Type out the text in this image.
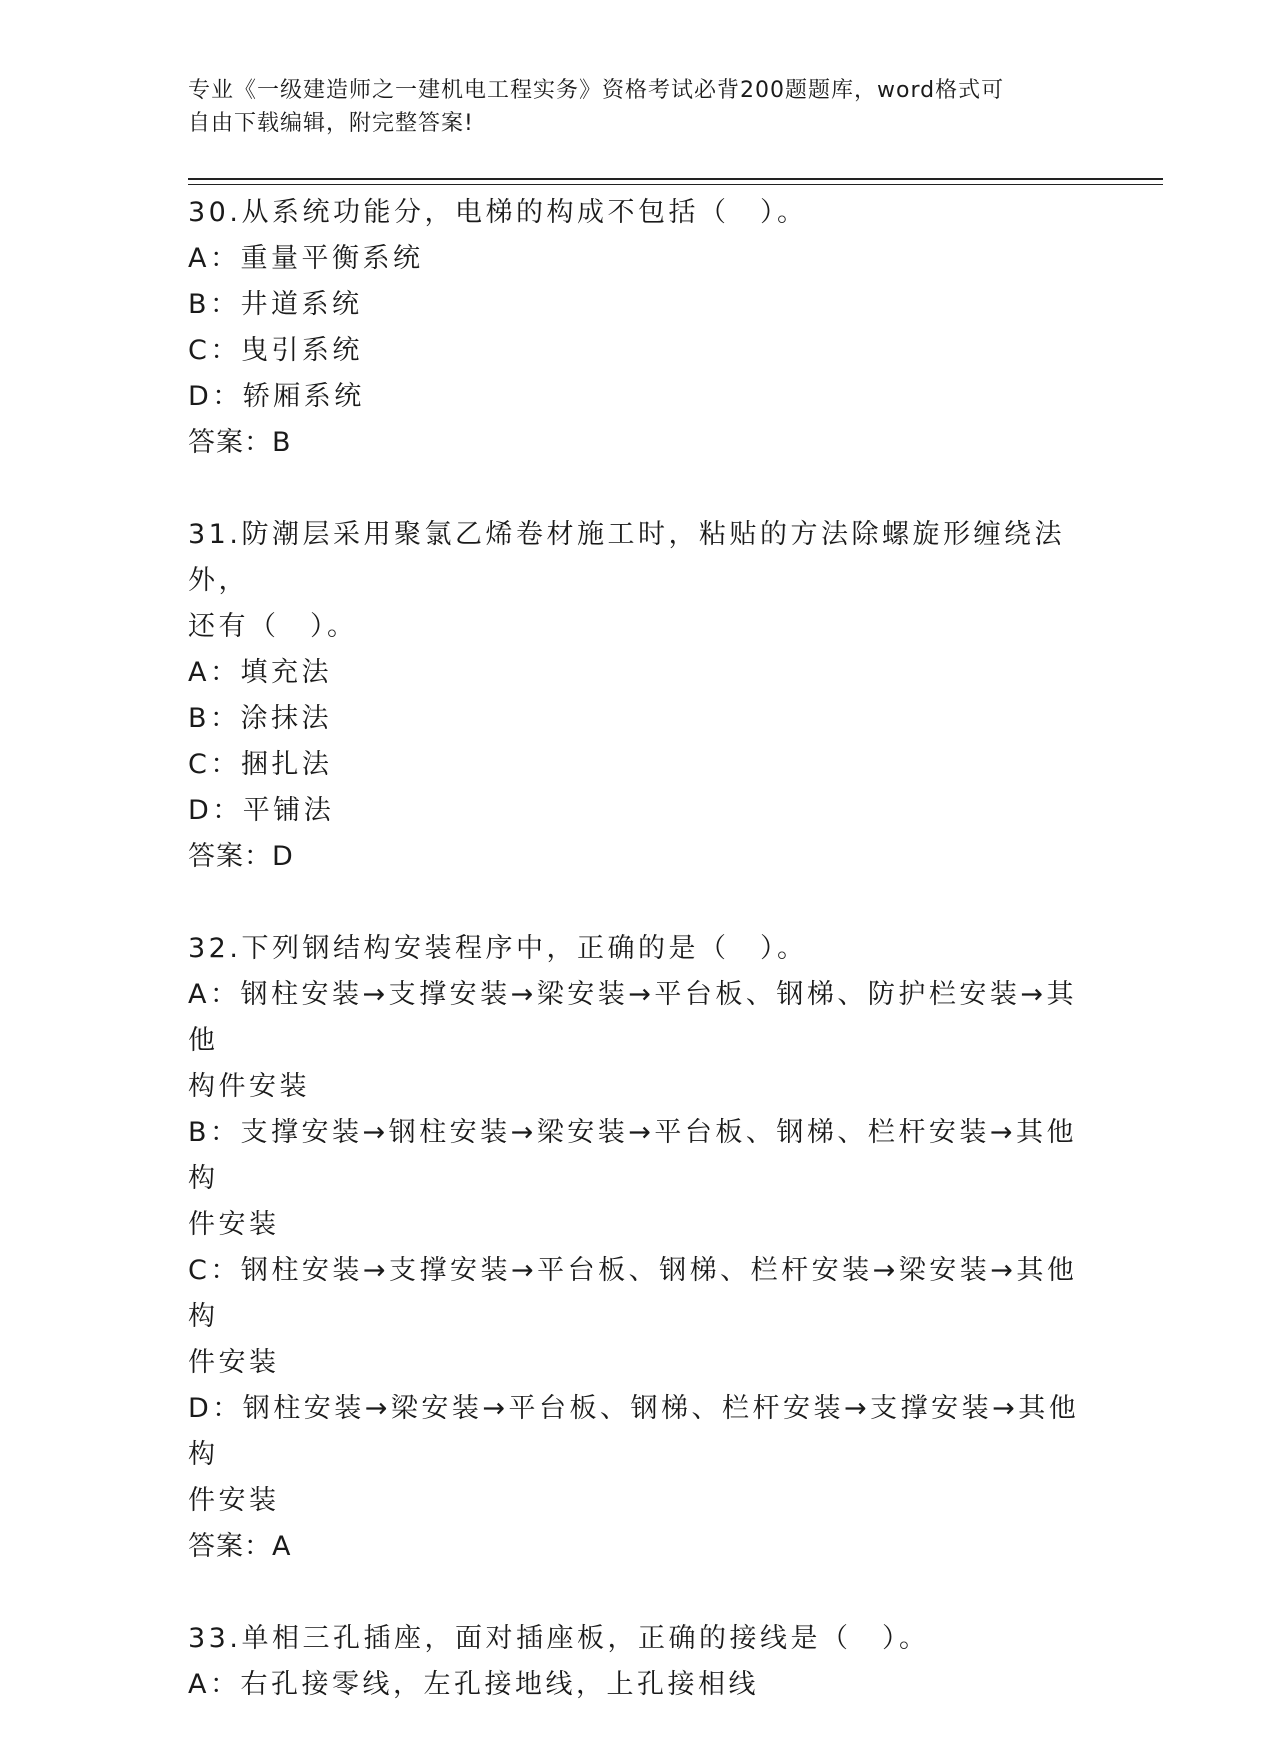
专业《一级建造师之一建机电工程实务》资格考试必背200题题库，word格式可
自由下载编辑，附完整答案!
30.从系统功能分，电梯的构成不包括（　）。
A：重量平衡系统
B：井道系统
C：曳引系统
D：轿厢系统
答案：B
31.防潮层采用聚氯乙烯卷材施工时，粘贴的方法除螺旋形缠绕法外，
还有（　）。
A：填充法
B：涂抹法
C：捆扎法
D：平铺法
答案：D
32.下列钢结构安装程序中，正确的是（　）。
A：钢柱安装→支撑安装→梁安装→平台板、钢梯、防护栏安装→其他
构件安装
B：支撑安装→钢柱安装→梁安装→平台板、钢梯、栏杆安装→其他构
件安装
C：钢柱安装→支撑安装→平台板、钢梯、栏杆安装→梁安装→其他构
件安装
D：钢柱安装→梁安装→平台板、钢梯、栏杆安装→支撑安装→其他构
件安装
答案：A
33.单相三孔插座，面对插座板，正确的接线是（　）。
A：右孔接零线，左孔接地线，上孔接相线
